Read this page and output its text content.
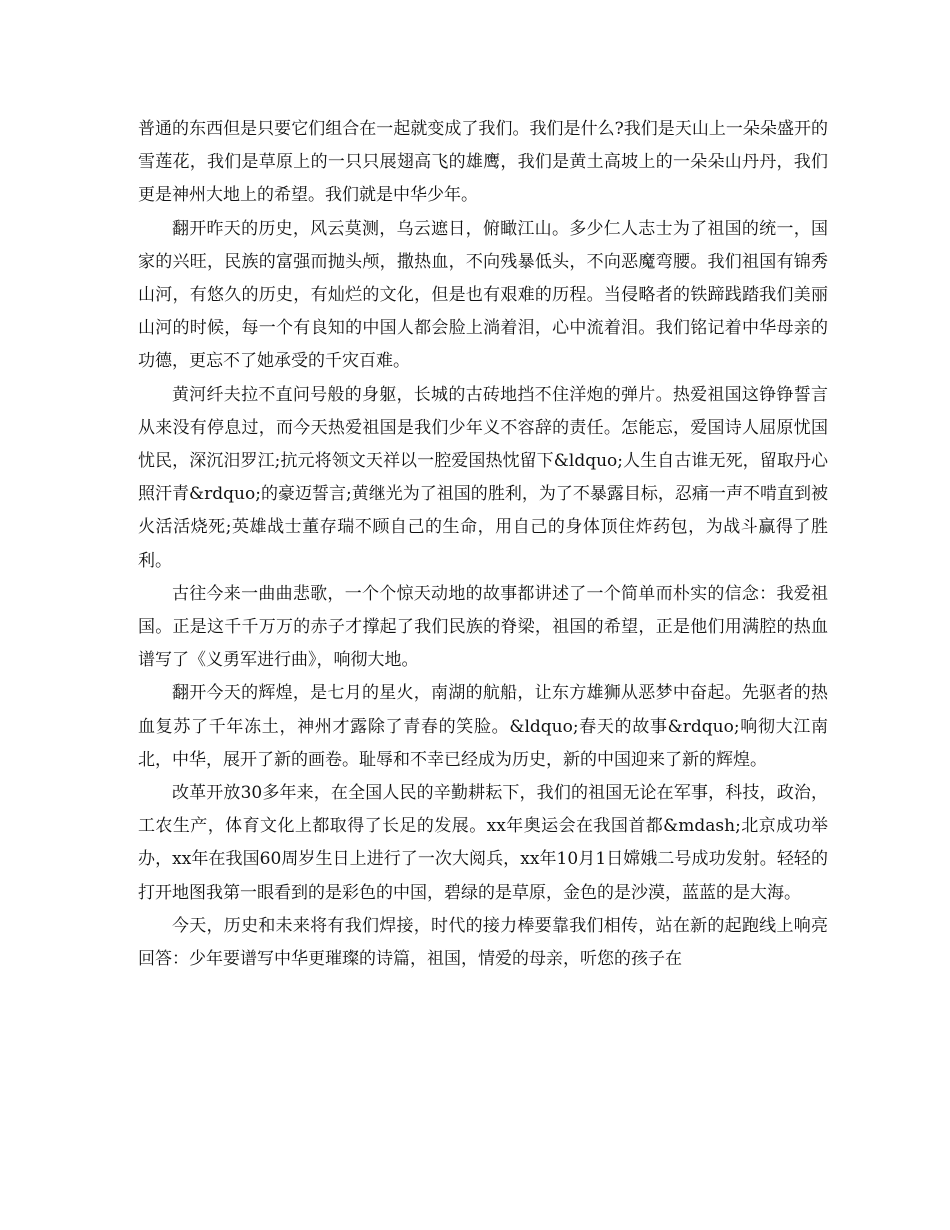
普通的东西但是只要它们组合在一起就变成了我们。我们是什么?我们是天山上一朵朵盛开的雪莲花，我们是草原上的一只只展翅高飞的雄鹰，我们是黄土高坡上的一朵朵山丹丹，我们更是神州大地上的希望。我们就是中华少年。

翻开昨天的历史，风云莫测，乌云遮日，俯瞰江山。多少仁人志士为了祖国的统一，国家的兴旺，民族的富强而抛头颅，撒热血，不向残暴低头，不向恶魔弯腰。我们祖国有锦秀山河，有悠久的历史，有灿烂的文化，但是也有艰难的历程。当侵略者的铁蹄践踏我们美丽山河的时候，每一个有良知的中国人都会脸上淌着泪，心中流着泪。我们铭记着中华母亲的功德，更忘不了她承受的千灾百难。

黄河纤夫拉不直问号般的身躯，长城的古砖地挡不住洋炮的弹片。热爱祖国这铮铮誓言从来没有停息过，而今天热爱祖国是我们少年义不容辞的责任。怎能忘，爱国诗人屈原忧国忧民，深沉汨罗江;抗元将领文天祥以一腔爱国热忱留下&ldquo;人生自古谁无死，留取丹心照汗青&rdquo;的豪迈誓言;黄继光为了祖国的胜利，为了不暴露目标，忍痛一声不啃直到被火活活烧死;英雄战士董存瑞不顾自己的生命，用自己的身体顶住炸药包，为战斗赢得了胜利。

古往今来一曲曲悲歌，一个个惊天动地的故事都讲述了一个简单而朴实的信念：我爱祖国。正是这千千万万的赤子才撑起了我们民族的脊梁，祖国的希望，正是他们用满腔的热血谱写了《义勇军进行曲》，响彻大地。

翻开今天的辉煌，是七月的星火，南湖的航船，让东方雄狮从恶梦中奋起。先驱者的热血复苏了千年冻土，神州才露除了青春的笑脸。&ldquo;春天的故事&rdquo;响彻大江南北，中华，展开了新的画卷。耻辱和不幸已经成为历史，新的中国迎来了新的辉煌。

改革开放30多年来，在全国人民的辛勤耕耘下，我们的祖国无论在军事，科技，政治，工农生产，体育文化上都取得了长足的发展。xx年奥运会在我国首都&mdash;北京成功举办，xx年在我国60周岁生日上进行了一次大阅兵，xx年10月1日嫦娥二号成功发射。轻轻的打开地图我第一眼看到的是彩色的中国，碧绿的是草原，金色的是沙漠，蓝蓝的是大海。

今天，历史和未来将有我们焊接，时代的接力棒要靠我们相传，站在新的起跑线上响亮回答：少年要谱写中华更璀璨的诗篇，祖国，情爱的母亲，听您的孩子在
